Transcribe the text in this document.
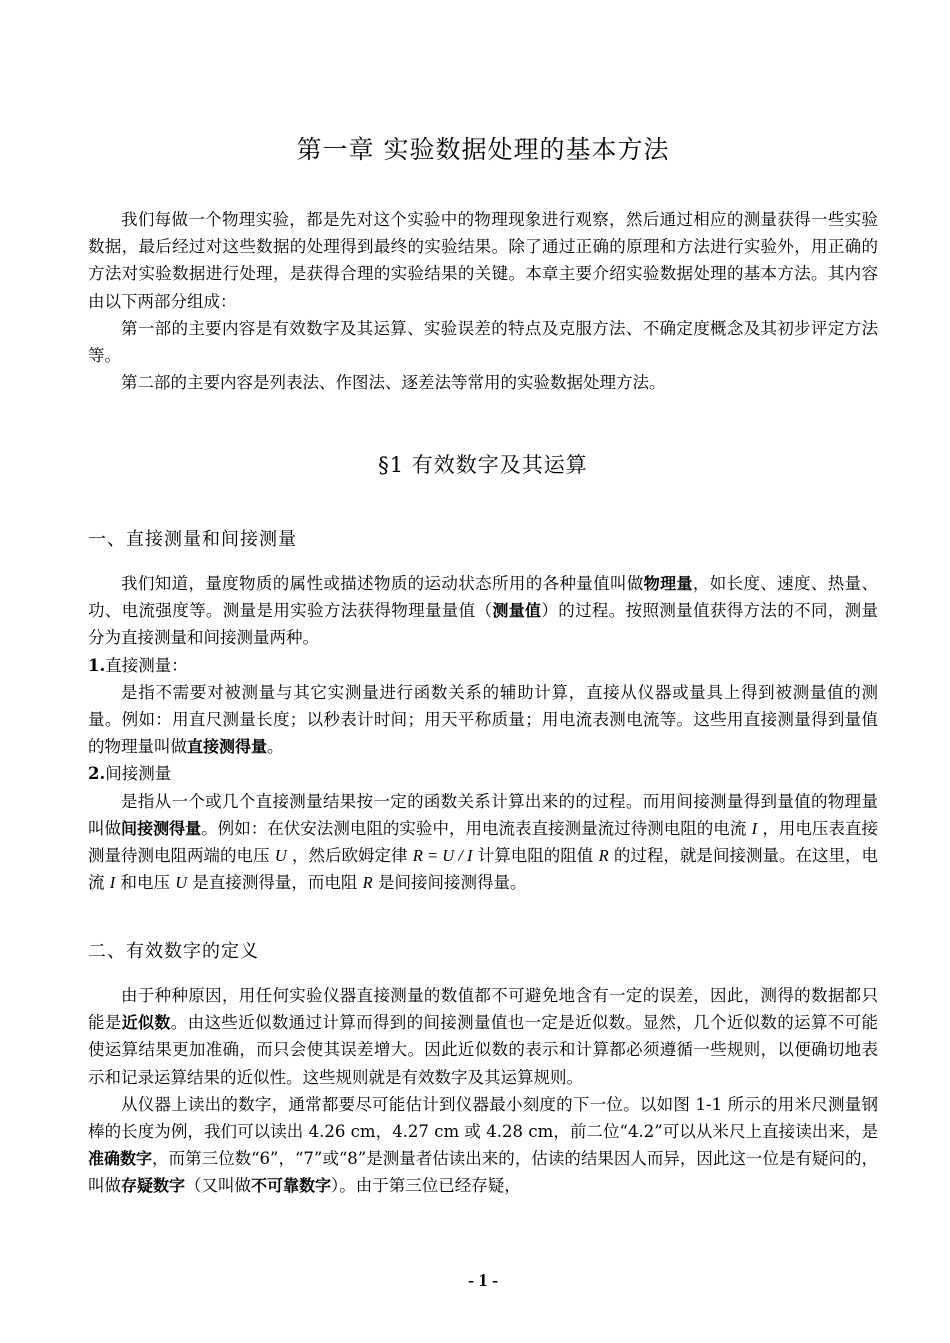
第一章 实验数据处理的基本方法

我们每做一个物理实验，都是先对这个实验中的物理现象进行观察，然后通过相应的测量获得一些实验数据，最后经过对这些数据的处理得到最终的实验结果。除了通过正确的原理和方法进行实验外，用正确的方法对实验数据进行处理，是获得合理的实验结果的关键。本章主要介绍实验数据处理的基本方法。其内容由以下两部分组成：

第一部的主要内容是有效数字及其运算、实验误差的特点及克服方法、不确定度概念及其初步评定方法等。

第二部的主要内容是列表法、作图法、逐差法等常用的实验数据处理方法。

§1 有效数字及其运算
一、直接测量和间接测量

我们知道，量度物质的属性或描述物质的运动状态所用的各种量值叫做物理量，如长度、速度、热量、功、电流强度等。测量是用实验方法获得物理量量值（测量值）的过程。按照测量值获得方法的不同，测量分为直接测量和间接测量两种。

1.直接测量：

是指不需要对被测量与其它实测量进行函数关系的辅助计算，直接从仪器或量具上得到被测量值的测量。例如：用直尺测量长度；以秒表计时间；用天平称质量；用电流表测电流等。这些用直接测量得到量值的物理量叫做直接测得量。

2.间接测量

是指从一个或几个直接测量结果按一定的函数关系计算出来的的过程。而用间接测量得到量值的物理量叫做间接测得量。例如：在伏安法测电阻的实验中，用电流表直接测量流过待测电阻的电流 I ，用电压表直接测量待测电阻两端的电压 U ，然后欧姆定律 R = U / I 计算电阻的阻值 R 的过程，就是间接测量。在这里，电流 I 和电压 U 是直接测得量，而电阻 R 是间接间接测得量。

二、有效数字的定义

由于种种原因，用任何实验仪器直接测量的数值都不可避免地含有一定的误差，因此，测得的数据都只能是近似数。由这些近似数通过计算而得到的间接测量值也一定是近似数。显然，几个近似数的运算不可能使运算结果更加准确，而只会使其误差增大。因此近似数的表示和计算都必须遵循一些规则，以便确切地表示和记录运算结果的近似性。这些规则就是有效数字及其运算规则。

从仪器上读出的数字，通常都要尽可能估计到仪器最小刻度的下一位。以如图 1-1 所示的用米尺测量钢棒的长度为例，我们可以读出 4.26 cm，4.27 cm 或 4.28 cm，前二位“4.2”可以从米尺上直接读出来，是准确数字，而第三位数“6”，“7”或“8”是测量者估读出来的，估读的结果因人而异，因此这一位是有疑问的，叫做存疑数字（又叫做不可靠数字）。由于第三位已经存疑，

- 1 -
